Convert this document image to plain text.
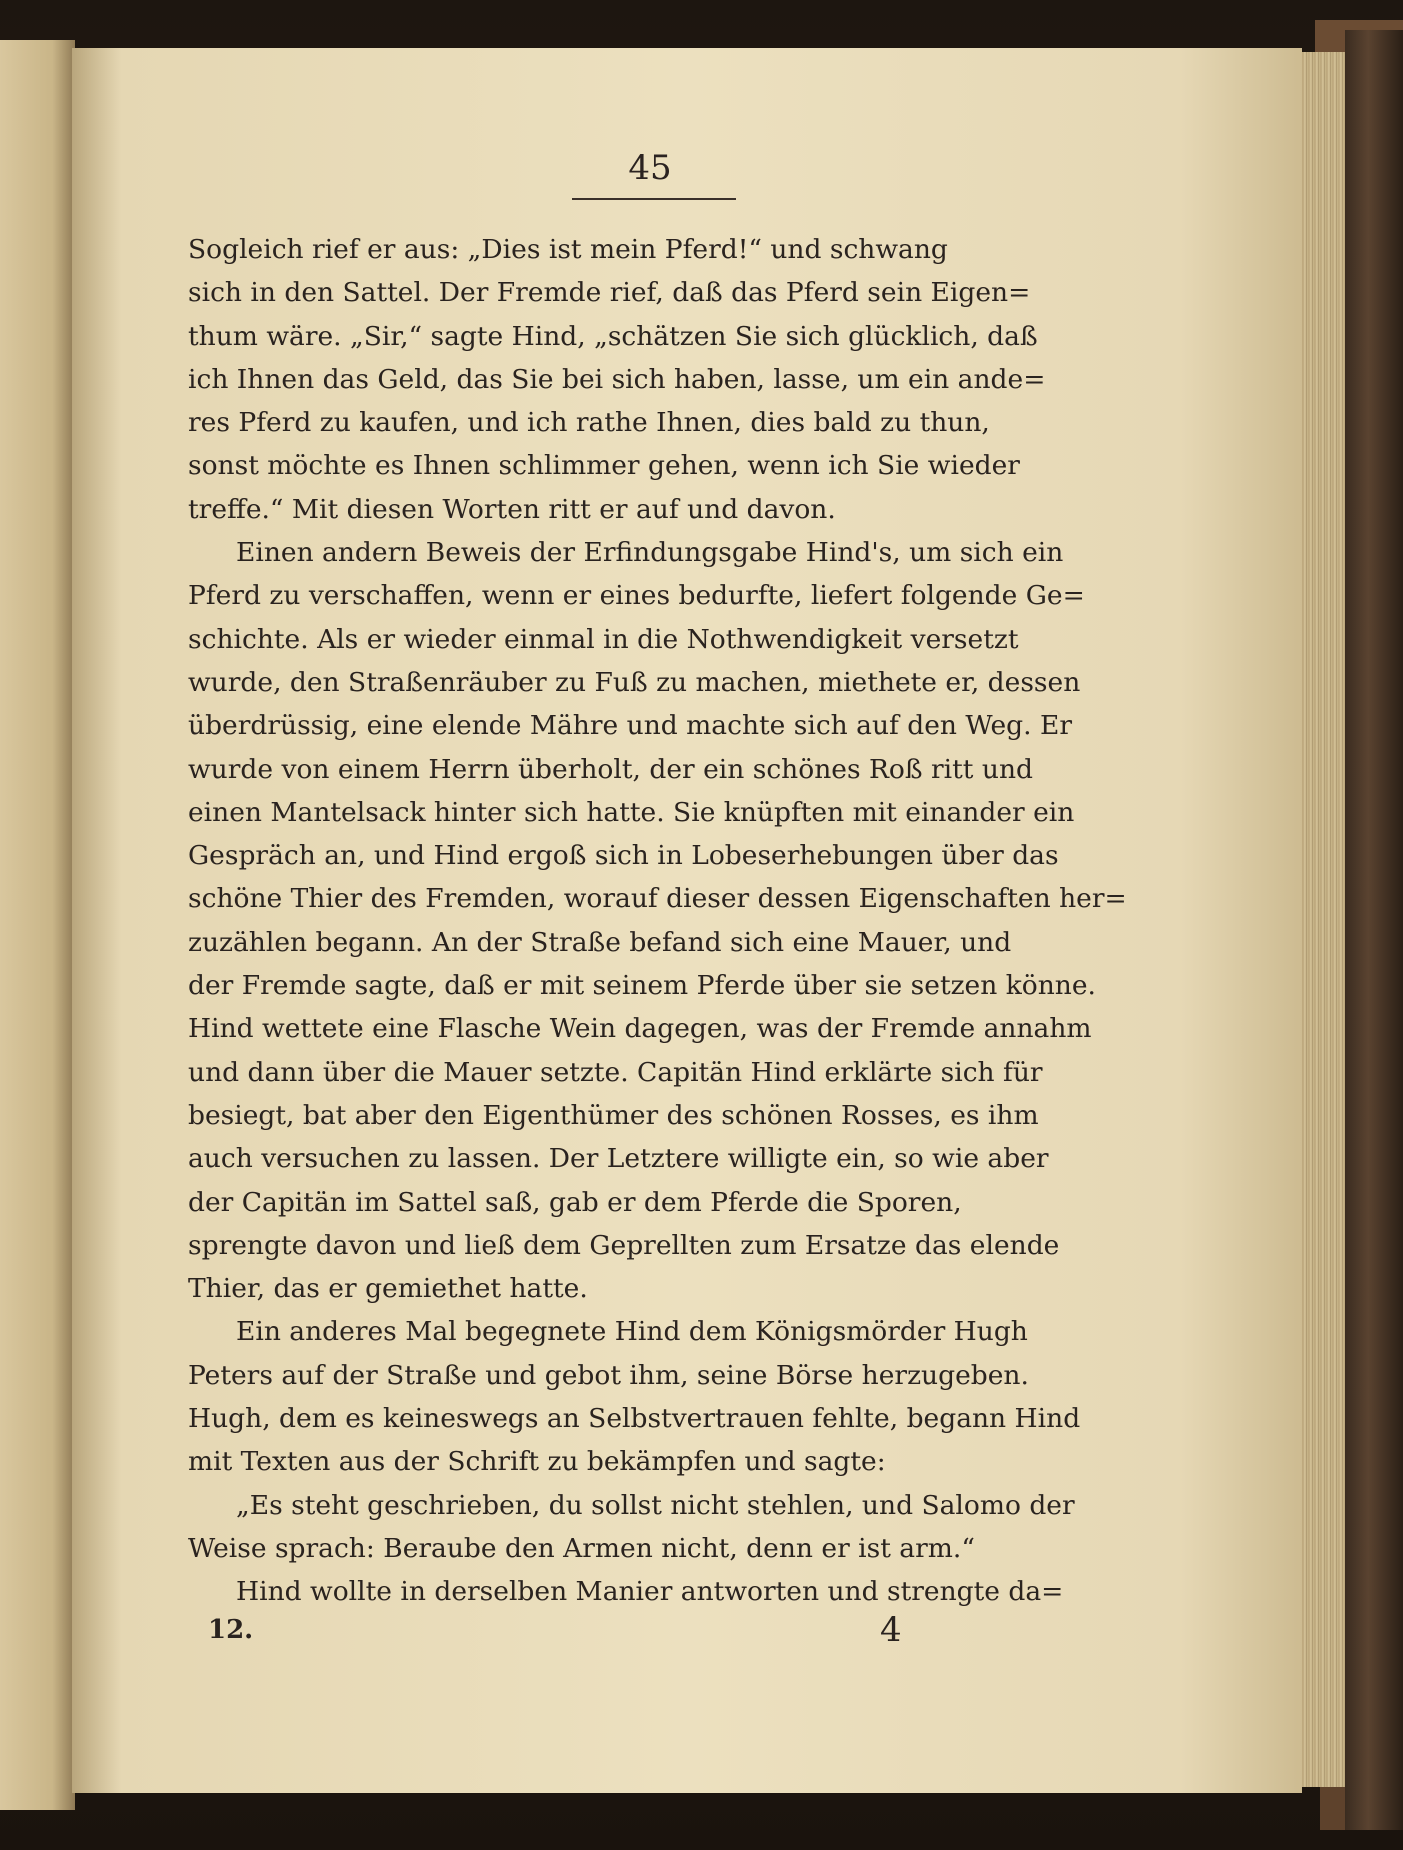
45
Sogleich rief er aus: „Dies ist mein Pferd!“ und schwang
sich in den Sattel. Der Fremde rief, daß das Pferd sein Eigen=
thum wäre. „Sir,“ sagte Hind, „schätzen Sie sich glücklich, daß
ich Ihnen das Geld, das Sie bei sich haben, lasse, um ein ande=
res Pferd zu kaufen, und ich rathe Ihnen, dies bald zu thun,
sonst möchte es Ihnen schlimmer gehen, wenn ich Sie wieder
treffe.“ Mit diesen Worten ritt er auf und davon.
Einen andern Beweis der Erfindungsgabe Hind's, um sich ein
Pferd zu verschaffen, wenn er eines bedurfte, liefert folgende Ge=
schichte. Als er wieder einmal in die Nothwendigkeit versetzt
wurde, den Straßenräuber zu Fuß zu machen, miethete er, dessen
überdrüssig, eine elende Mähre und machte sich auf den Weg. Er
wurde von einem Herrn überholt, der ein schönes Roß ritt und
einen Mantelsack hinter sich hatte. Sie knüpften mit einander ein
Gespräch an, und Hind ergoß sich in Lobeserhebungen über das
schöne Thier des Fremden, worauf dieser dessen Eigenschaften her=
zuzählen begann. An der Straße befand sich eine Mauer, und
der Fremde sagte, daß er mit seinem Pferde über sie setzen könne.
Hind wettete eine Flasche Wein dagegen, was der Fremde annahm
und dann über die Mauer setzte. Capitän Hind erklärte sich für
besiegt, bat aber den Eigenthümer des schönen Rosses, es ihm
auch versuchen zu lassen. Der Letztere willigte ein, so wie aber
der Capitän im Sattel saß, gab er dem Pferde die Sporen,
sprengte davon und ließ dem Geprellten zum Ersatze das elende
Thier, das er gemiethet hatte.
Ein anderes Mal begegnete Hind dem Königsmörder Hugh
Peters auf der Straße und gebot ihm, seine Börse herzugeben.
Hugh, dem es keineswegs an Selbstvertrauen fehlte, begann Hind
mit Texten aus der Schrift zu bekämpfen und sagte:
„Es steht geschrieben, du sollst nicht stehlen, und Salomo der
Weise sprach: Beraube den Armen nicht, denn er ist arm.“
Hind wollte in derselben Manier antworten und strengte da=
12.	4
